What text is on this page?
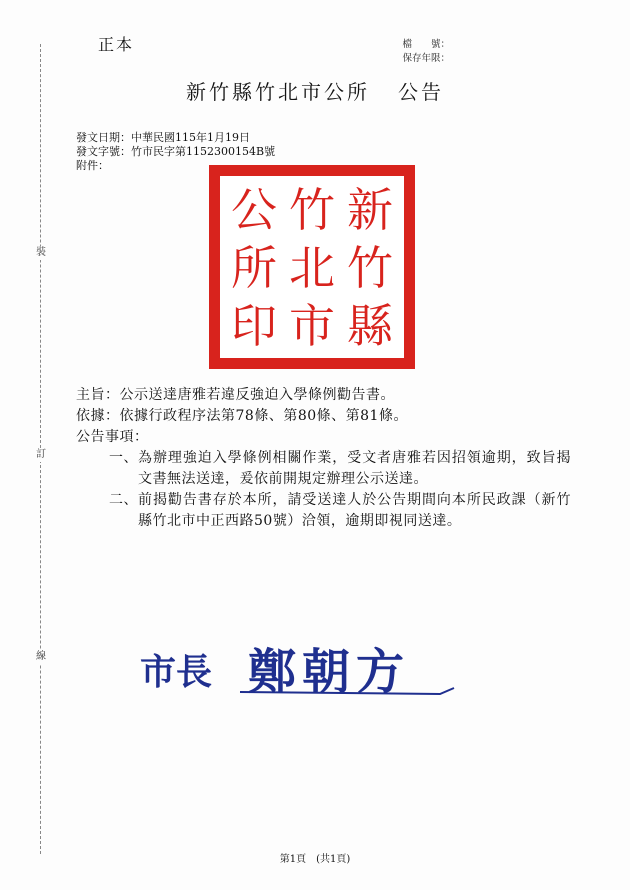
裝
訂
線
正本	檔　　號：
保存年限：
新竹縣竹北市公所 公告
發文日期： 中華民國115年1月19日
發文字號： 竹市民字第1152300154B號
附件：
新
竹
縣
竹
北
市
公
所
印
主旨： 公示送達唐雅若違反強迫入學條例勸告書。
依據： 依據行政程序法第78條、第80條、第81條。
公告事項：
一、 為辦理強迫入學條例相關作業，受文者唐雅若因招領逾期，致旨揭文書無法送達，爰依前開規定辦理公示送達。
二、 前揭勸告書存於本所，請受送達人於公告期間向本所民政課（新竹縣竹北市中正西路50號）洽領，逾期即視同送達。
市長 鄭朝方
第1頁　(共1頁)
